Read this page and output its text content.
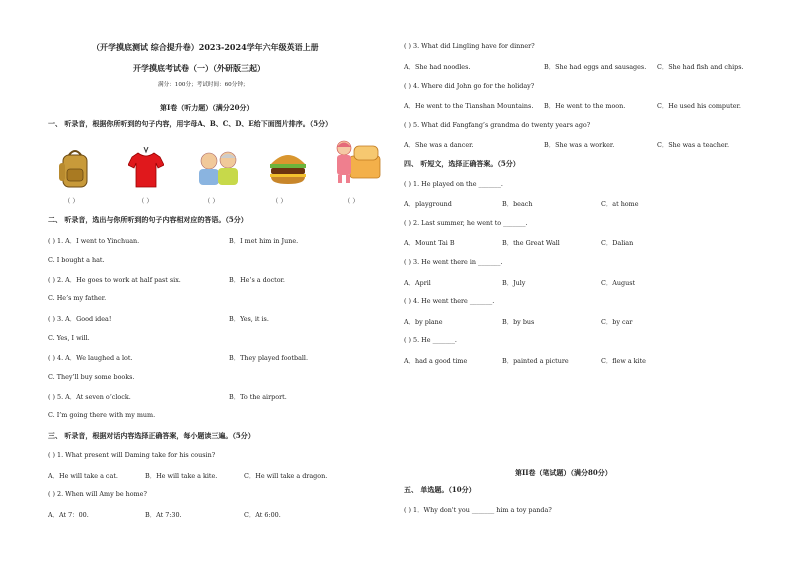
（开学摸底测试 综合提升卷）2023-2024学年六年级英语上册
开学摸底考试卷（一）（外研版三起）
满分：100分；考试时间：60分钟；
第I卷（听力题）（满分20分）
一、 听录音，根据你所听到的句子内容，用字母A、B、C、D、E给下面图片排序。（5分）
（ ）	（ ）	（ ）	（ ）	（ ）
二、 听录音，选出与你所听到的句子内容相对应的答语。（5分）
( ) 1. A．I went to Yinchuan.	B．I met him in June.
C. I bought a hat.
( ) 2. A．He goes to work at half past six.	B．He’s a doctor.
C. He’s my father.
( ) 3. A．Good idea!	B．Yes, it is.
C. Yes, I will.
( ) 4. A．We laughed a lot.	B．They played football.
C. They’ll buy some books.
( ) 5. A．At seven o’clock.	B．To the airport.
C. I’m going there with my mum.
三、 听录音，根据对话内容选择正确答案，每小题读三遍。（5分）
( ) 1. What present will Daming take for his cousin?
A．He will take a cat.	B．He will take a kite.	C．He will take a dragon.
( ) 2. When will Amy be home?
A．At 7：00.	B．At 7:30.	C．At 6:00.
( ) 3. What did Lingling have for dinner?
A．She had noodles.	B．She had eggs and sausages. C．She had fish and chips.
( ) 4. Where did John go for the holiday?
A．He went to the Tianshan Mountains. B．He went to the moon.	C．He used his computer.
( ) 5. What did Fangfang’s grandma do twenty years ago?
A．She was a dancer.	B．She was a worker.	C．She was a teacher.
四、 听短文，选择正确答案。（5分）
( ) 1. He played on the _______.
A．playground	B．beach	C．at home
( ) 2. Last summer, he went to _______.
A．Mount Tai B	B．the Great Wall	C．Dalian
( ) 3. He went there in _______.
A．April	B．July	C．August
( ) 4. He went there _______.
A．by plane	B．by bus	C．by car
( ) 5. He _______.
A．had a good time	B．painted a picture	C．flew a kite
第II卷（笔试题）（满分80分）
五、 单选题。（10分）
( ) 1．Why don't you _______ him a toy panda?
